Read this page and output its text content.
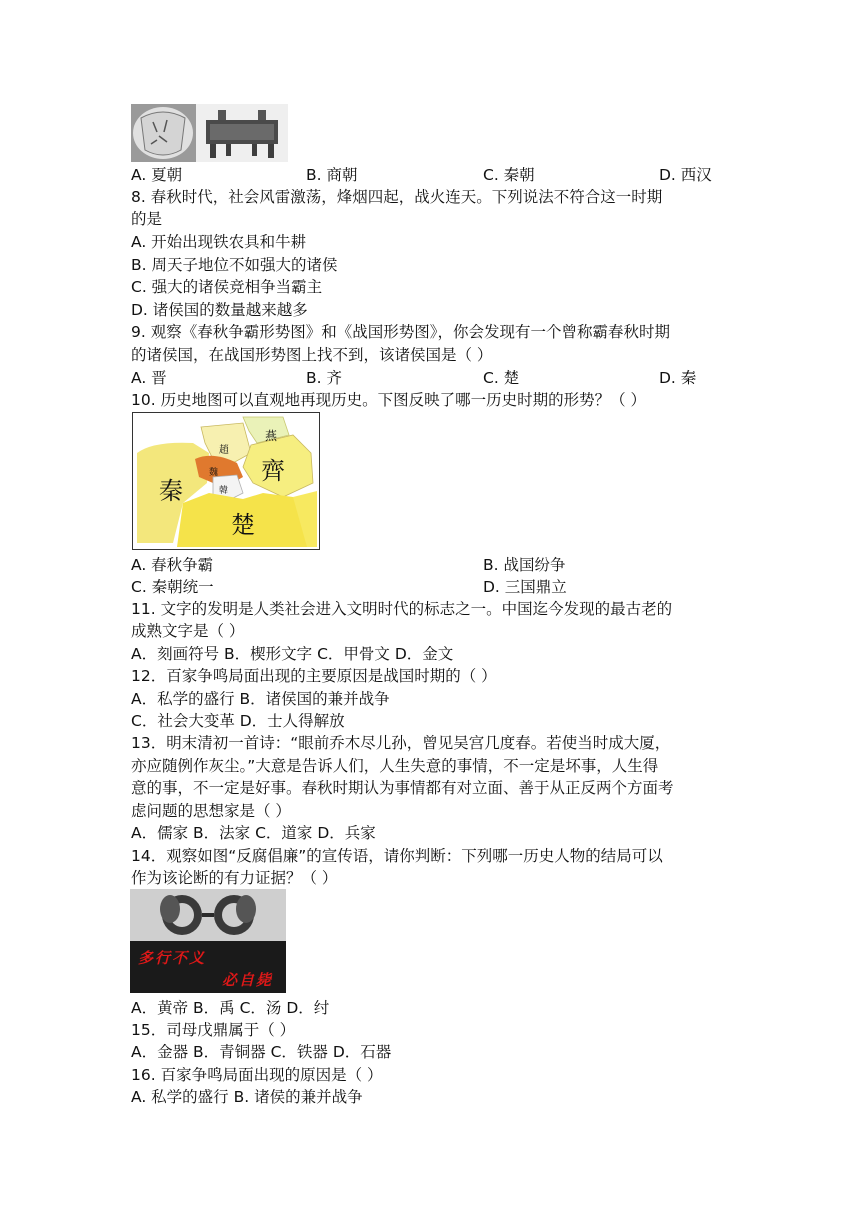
A. 夏朝	B. 商朝	C. 秦朝	D. 西汉
8. 春秋时代，社会风雷激荡，烽烟四起，战火连天。下列说法不符合这一时期
的是
A. 开始出现铁农具和牛耕
B. 周天子地位不如强大的诸侯
C. 强大的诸侯竞相争当霸主
D. 诸侯国的数量越来越多
9. 观察《春秋争霸形势图》和《战国形势图》，你会发现有一个曾称霸春秋时期
的诸侯国，在战国形势图上找不到，该诸侯国是（ ）
A. 晋	B. 齐	C. 楚	D. 秦
10. 历史地图可以直观地再现历史。下图反映了哪一历史时期的形势？（ ）
燕
趙
齊
秦
魏
韓
楚
A. 春秋争霸	B. 战国纷争
C. 秦朝统一	D. 三国鼎立
11. 文字的发明是人类社会进入文明时代的标志之一。中国迄今发现的最古老的
成熟文字是（ ）
A．刻画符号 B．楔形文字 C．甲骨文 D．金文
12．百家争鸣局面出现的主要原因是战国时期的（ ）
A．私学的盛行 B．诸侯国的兼并战争
C．社会大变革 D．士人得解放
13．明末清初一首诗：“眼前乔木尽儿孙，曾见吴宫几度春。若使当时成大厦，
亦应随例作灰尘。”大意是告诉人们，人生失意的事情，不一定是坏事，人生得
意的事，不一定是好事。春秋时期认为事情都有对立面、善于从正反两个方面考
虑问题的思想家是（ ）
A．儒家 B．法家 C．道家 D．兵家
14．观察如图“反腐倡廉”的宣传语，请你判断：下列哪一历史人物的结局可以
作为该论断的有力证据？（ ）
多行不义
必自毙
A．黄帝 B．禹 C．汤 D．纣
15．司母戊鼎属于（ ）
A．金器 B．青铜器 C．铁器 D．石器
16. 百家争鸣局面出现的原因是（ ）
A. 私学的盛行 B. 诸侯的兼并战争
